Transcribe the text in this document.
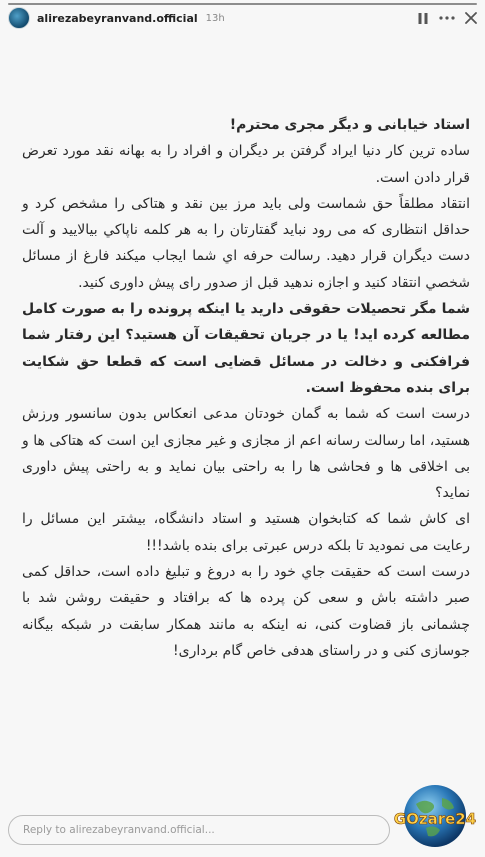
alirezabeyranvand.official 13h

استاد خیابانی و دیگر مجری محترم!

ساده ترین کار دنیا ایراد گرفتن بر دیگران و افراد را به بهانه نقد مورد تعرض قرار دادن است.

انتقاد مطلقاً حق شماست ولی باید مرز بین نقد و هتاکی را مشخص کرد و حداقل انتظاری که می رود نباید گفتارتان را به هر کلمه ناپاکي بیالایید و آلت دست دیگران قرار دهید. رسالت حرفه اي شما ایجاب میکند فارغ از مسائل شخصي انتقاد کنید و اجازه ندهید قبل از صدور رای پیش داوری کنید.

شما مگر تحصیلات حقوقی دارید یا اینکه پرونده را به صورت کامل مطالعه کرده اید! یا در جریان تحقیقات آن هستید؟ این رفتار شما فرافکنی و دخالت در مسائل قضایی است که قطعا حق شکایت برای بنده محفوظ است.

درست است که شما به گمان خودتان مدعی انعکاس بدون سانسور ورزش هستید، اما رسالت رسانه اعم از مجازی و غیر مجازی این است که هتاکی ها و بی اخلاقی ها و فحاشی ها را به راحتی بیان نماید و به راحتی پیش داوری نماید؟

ای کاش شما که کتابخوان هستید و استاد دانشگاه، بیشتر این مسائل را رعایت می نمودید تا بلکه درس عبرتی برای بنده باشد!!!

درست است که حقیقت جاي خود را به دروغ و تبلیغ داده است، حداقل کمی صبر داشته باش و سعی کن پرده ها که برافتاد و حقیقت روشن شد با چشمانی باز قضاوت کنی، نه اینکه به مانند همکار سابقت در شبکه بیگانه جوسازی کنی و در راستای هدفی خاص گام برداری!

Reply to alirezabeyranvand.official...
GOzare24
